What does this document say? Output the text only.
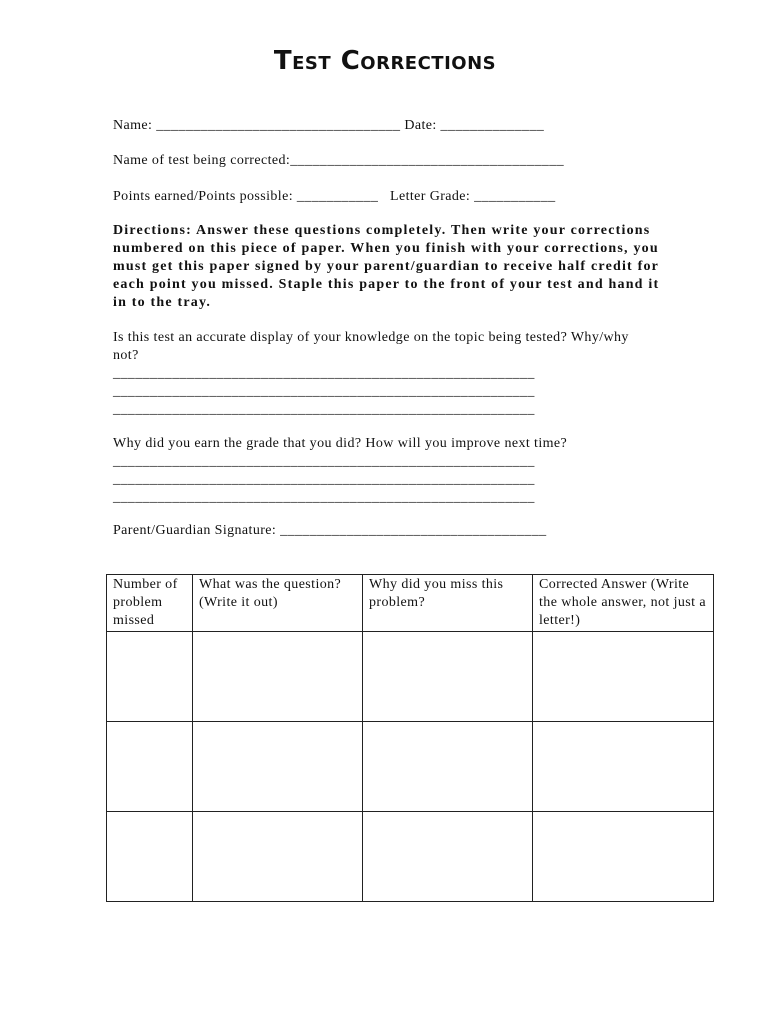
Test Corrections
Name: _________________________________ Date: ______________
Name of test being corrected:_____________________________________
Points earned/Points possible: ___________   Letter Grade: ___________
Directions: Answer these questions completely. Then write your corrections numbered on this piece of paper. When you finish with your corrections, you must get this paper signed by your parent/guardian to receive half credit for each point you missed. Staple this paper to the front of your test and hand it in to the tray.
Is this test an accurate display of your knowledge on the topic being tested? Why/why not?
_________________________________________________________
_________________________________________________________
_________________________________________________________
Why did you earn the grade that you did? How will you improve next time?
_________________________________________________________
_________________________________________________________
_________________________________________________________
Parent/Guardian Signature: ____________________________________
Number of problem missed	What was the question? (Write it out)	Why did you miss this problem?	Corrected Answer (Write the whole answer, not just a letter!)
